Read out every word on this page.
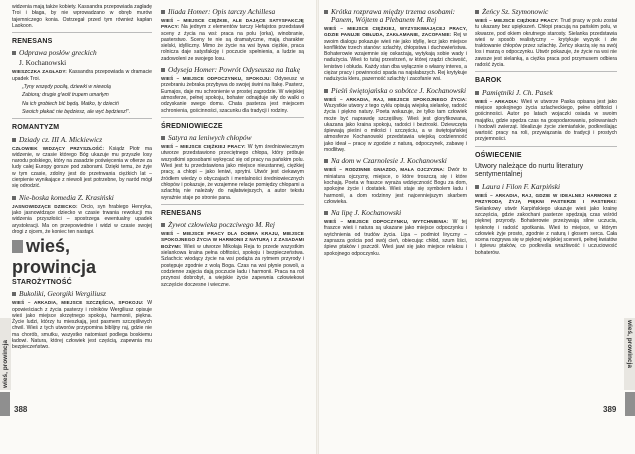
widzenia mają także kobiety. Kassandra przepowiada zagładę Troi i błaga, by nie wprowadzano w obręb murów tajemniczego konia. Ostrzegał przed tym również kapłan Laokoon.

RENESANS
Odprawa posłów greckich
J. Kochanowski

WIESZCZKA ZAGŁADY: Kassandra przepowiada w dramacie upadek Troi.

„Tyny wszędy pociłą, dziewki w niewolą

Zabiorą; drugie g'wolt trupem umarłym

Na ich grobiech bić będą. Matko, ty dzieciń

Swoich płakać nie będziesz, ale wyć będziesz!”.

ROMANTYZM
Dziady cz. III A. Mickiewicz

CZŁOWIEK WIDZĄCY PRZYSZŁOŚĆ: Ksiądz Piotr ma widzenie, w czasie którego Bóg ukazuje mu przyszłe losy narodu polskiego, który na zasadzie poświęcenia w ofierze za ludy całej Europy gorsze pod zaborami. Dzięki temu, że żyje w tym czasie, zdolny jest do przetrwania ciężkich lat – cierpienie wynikające z niewoli jest potrzebne, by naród mógł się odrodzić.

Nie-boska komedia Z. Krasiński

JASNOWIDZĄCE DZIECKO: Orcio, syn hrabiego Henryka, jako jasnowidzące dziecko w czasie trwania rewolucji ma widzenia przyszłości – spostrzega ewentualny upadek arystokracji. Ma on przepowiednie i widzi w czasie swojej drogi z ojcem, że koniec ten nastąpi.

wieś,
prowincja
STAROŻYTNOŚĆ
Bukoliki, Georgiki Wergiliusz

WIEŚ – ARKADIA, MIEJSCE SZCZĘŚCIA, SPOKOJU: W opowieściach z życia pasterzy i rolników Wergiliusz opisuje wieś jako miejsce skrzętnego spokoju, harmonii, piękna. Życie ludzi, którzy tu mieszkają, jest pasmem szczęśliwych chwil. Wieś z tych utworów przypomina biblijny raj, gdzie nie ma chorób, smutku, wszystko natomiast podlega boskiemu ładowi. Natura, której człowiek jest częścią, zapewnia mu bezpieczeństwo.

Iliada Homer: Opis tarczy Achillesa

WIEŚ – MIEJSCE CIĘŻKIE, ALE DAJĄCE SATYSFAKCJĘ PRACY: Na jednym z elementów tarczy Hefajstos przedstawił sceny z życia na wsi: praca na polu (orka), winobranie, pasterstwo. Sceny te nie są dramatyczne, mają charakter sielski, idylliczny. Mimo że życie na wsi bywa ciężkie, praca rolnicza daje satysfakcję i poczucie spełnienia, a ludzie są zadowoleni ze swojego losu.

Odyseja Homer: Powrót Odyseusza na Itakę

WIEŚ – MIEJSCE ODPOCZYNKU, SPOKOJU: Odyseusz w przebraniu żebraka przybywa do swojej świni na Itakę. Pasterz, Eumajos, daje mu schronienie w prostej zagrodzie. W wiejskiej atmosferze, pełnej spokoju, bohater odnajduje siły do walki o odzyskanie swego domu. Chata pasterza jest miejscem schronienia, gościnności, szacunku dla tradycji i rodziny.

ŚREDNIOWIECZE
Satyra na leniwych chłopów

WIEŚ – MIEJSCE CIĘŻKIEJ PRACY: W tym średniowiecznym utworze przedstawiono przeciętnego chłopa, który próbuje wszystkimi sposobami wykręcać się od pracy na pańskim polu. Wieś jest tu przedstawiona jako miejsce nieustannej, ciężkiej pracy, a chłopi – jako leniwi, sprytni. Utwór jest ciekawym źródłem wiedzy o obyczajach i mentalności średniowiecznych chłopów i pokazuje, że wzajemne relacje pomiędzy chłopami a szlachtą nie należały do najłatwiejszych, a autor tekstu wyraźnie staje po stronie pana.

RENESANS
Żywot człowieka poczciwego M. Rej

WIEŚ – MIEJSCE PRACY DLA DOBRA KRAJU, MIEJSCE SPOKOJNEGO ŻYCIA W HARMONII Z NATURĄ I Z ZASADAMI BOŻYMI: Wieś w utworze Mikołaja Reja to przede wszystkim sielankowa kraina pełna obfitości, spokoju i bezpieczeństwa. Szlachcic wiodący życie na wsi podąża za rytmem przyrody i postępuje zgodnie z wolą Boga. Czas na wsi płynie powoli, a codzienne zajęcia dają poczucie ładu i harmonii. Praca na roli przynosi dobrobyt, a wiejskie życie zapewnia człowiekowi szczęście doczesne i wieczne.

wieś, prowincja
388
Krótka rozprawa między trzema osobami: Panem, Wójtem a Plebanem M. Rej

WIEŚ – MIEJSCE CIĘŻKIEJ, WYZYSKIWAJĄCEJ PRACY, GDZIE PANUJE OBŁUDA, ZAKŁAMANIE, ZACOFANIE: Rej w swoim dialogu pokazuje wieś nie jako idyllę, lecz jako miejsce konfliktów trzech stanów: szlachty, chłopstwa i duchowieństwa. Bohaterowie wzajemnie się oskarżają, wytykają sobie wady i nadużycia. Wieś to tutaj przestrzeń, w której rządzi chciwość, lenistwo i obłuda. Każdy stan dba wyłącznie o własny interes, a ciężar pracy i powinności spada na najsłabszych. Rej krytykuje nadużycia kleru, pazerność szlachty i zacofanie wsi.

Pieśń świętojańska o sobótce J. Kochanowski

WIEŚ – ARKADIA, RAJ, MIEJSCE SPOKOJNEGO ŻYCIA: Wszystkie utwory z tego cyklu opisują wiejską sielankę, radość życia i piękno natury. Poeta wskazuje, że tylko tam człowiek może być naprawdę szczęśliwy. Wieś jest gloryfikowana, ukazana jako kraina spokoju, radości i beztroski. Dziewczęta śpiewają pieśni o miłości i szczęściu, a w świętojańskiej atmosferze Kochanowski przedstawia wiejską codzienność jako ideał – pracę w zgodzie z naturą, odpoczynek, zabawę i modlitwę.

Na dom w Czarnolesie J. Kochanowski

WIEŚ – RODZINNE GNIAZDO, MAŁA OJCZYZNA: Dwór to miniatura ojczyzny, miejsce, o które troszczą się i które kochają. Poeta w fraszce wyraża wdzięczność Bogu za dom, spokojne życie i dostatek. Wieś staje się symbolem ładu i harmonii, a dom rodzinny jest najcenniejszym skarbem człowieka.

Na lipę J. Kochanowski

WIEŚ – MIEJSCE ODPOCZYNKU, WYTCHNIENIA: W tej fraszce wieś i natura są ukazane jako miejsce odpoczynku i wytchnienia od trudów życia. Lipa – podmiot liryczny – zaprasza gościa pod swój cień, obiecując chłód, szum liści, śpiew ptaków i pszczół. Wieś jawi się jako miejsce relaksu i spokojnego odpoczynku.

Żeńcy Sz. Szymonowic

WIEŚ – MIEJSCE CIĘŻKIEJ PRACY: Trud pracy w polu został tu ukazany bez upiększeń. Chłopi pracują na pańskim polu, w skwarze, pod okiem okrutnego starosty. Sielanka przedstawia wieś w sposób realistyczny – krytykuje wyzysk i złe traktowanie chłopów przez szlachtę. Żeńcy skarżą się na swój los i marzą o odpoczynku. Utwór pokazuje, że życie na wsi nie zawsze jest sielanką, a ciężka praca pod przymusem odbiera radość życia.

BAROK
Pamiętniki J. Ch. Pasek

WIEŚ – ARKADIA: Wieś w utworze Paska opisana jest jako miejsce spokojnego życia szlacheckiego, pełne obfitości i gościnności. Autor po latach wojaczki osiada w swoim majątku, gdzie spędza czas na gospodarowaniu, polowaniach i hodowli zwierząt. Idealizuje życie ziemiańskie, podkreślając wartość pracy na roli, przywiązania do tradycji i prostych przyjemności.

OŚWIECENIE
Utwory należące do nurtu literatury sentymentalnej
Laura i Filon F. Karpiński

WIEŚ – ARKADIA, RAJ, GDZIE W IDEALNEJ HARMONII Z PRZYRODĄ ŻYJĄ PIĘKNI PASTERZE I PASTERKI: Sielankowy utwór Karpińskiego ukazuje wieś jako krainę szczęścia, gdzie zakochani pasterze spędzają czas wśród pięknej przyrody. Bohaterowie przeżywają silne uczucia, tęsknotę i radość spotkania. Wieś to miejsce, w którym człowiek żyje prosto, zgodnie z naturą i głosem serca. Cała scena rozgrywa się w pięknej wiejskiej scenerii, pełnej kwiatów i śpiewu ptaków, co podkreśla wrażliwość i uczuciowość bohaterów.

wieś, prowincja
389
